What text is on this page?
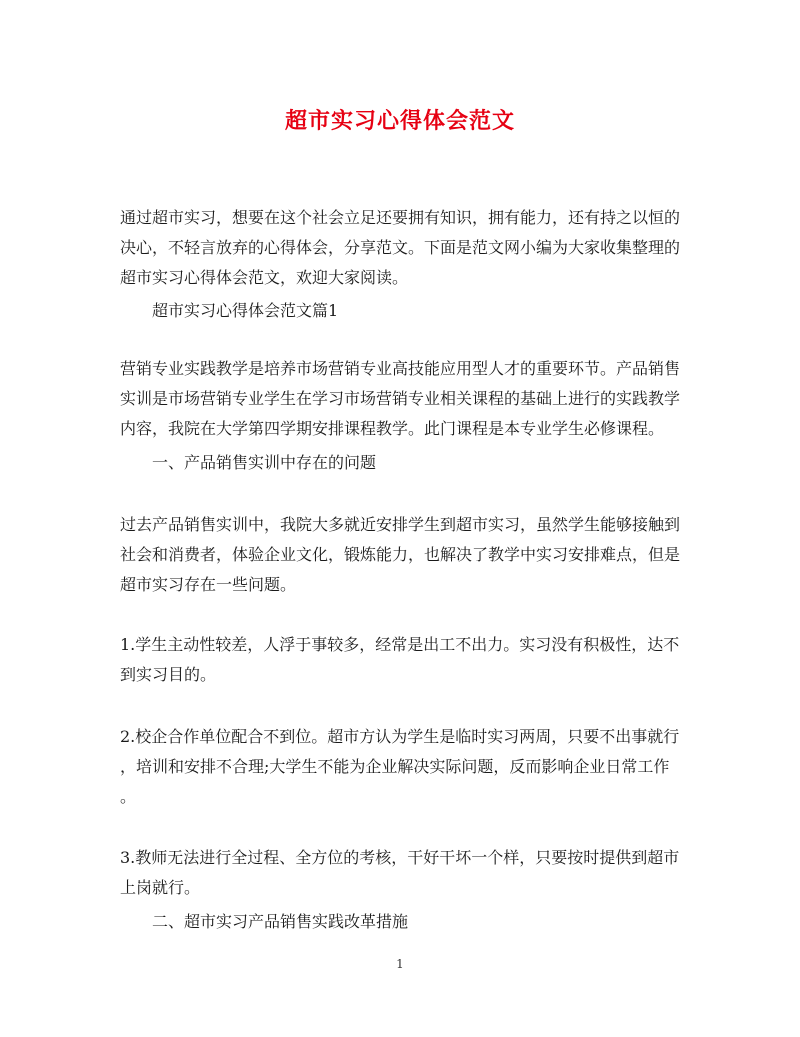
超市实习心得体会范文
通过超市实习，想要在这个社会立足还要拥有知识，拥有能力，还有持之以恒的
决心，不轻言放弃的心得体会，分享范文。下面是范文网小编为大家收集整理的
超市实习心得体会范文，欢迎大家阅读。

超市实习心得体会范文篇1

营销专业实践教学是培养市场营销专业高技能应用型人才的重要环节。产品销售
实训是市场营销专业学生在学习市场营销专业相关课程的基础上进行的实践教学
内容，我院在大学第四学期安排课程教学。此门课程是本专业学生必修课程。

一、产品销售实训中存在的问题

过去产品销售实训中，我院大多就近安排学生到超市实习，虽然学生能够接触到
社会和消费者，体验企业文化，锻炼能力，也解决了教学中实习安排难点，但是
超市实习存在一些问题。
1.学生主动性较差，人浮于事较多，经常是出工不出力。实习没有积极性，达不
到实习目的。
2.校企合作单位配合不到位。超市方认为学生是临时实习两周，只要不出事就行
，培训和安排不合理;大学生不能为企业解决实际问题，反而影响企业日常工作
。
3.教师无法进行全过程、全方位的考核，干好干坏一个样，只要按时提供到超市
上岗就行。

二、超市实习产品销售实践改革措施

1
